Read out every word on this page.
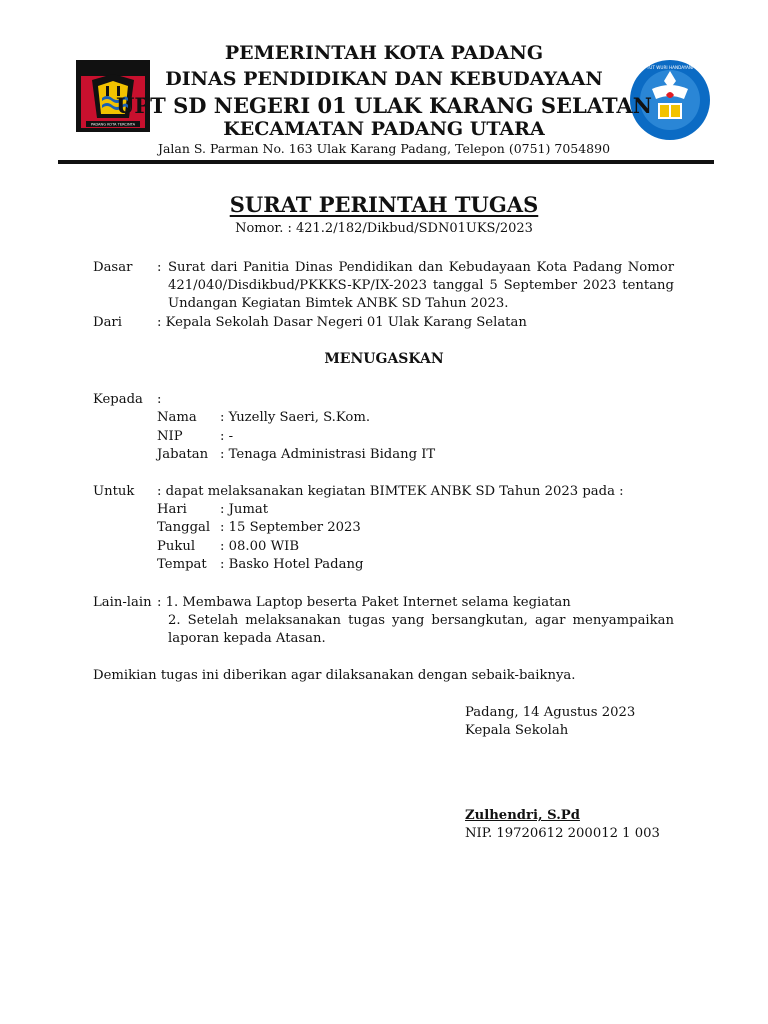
PADANG KOTA TERCINTA
TUT WURI HANDAYANI
PEMERINTAH KOTA PADANG
DINAS PENDIDIKAN DAN KEBUDAYAAN
UPT SD NEGERI 01 ULAK KARANG SELATAN
KECAMATAN PADANG UTARA
Jalan S. Parman No. 163 Ulak Karang Padang, Telepon (0751) 7054890
SURAT PERINTAH TUGAS
Nomor. : 421.2/182/Dikbud/SDN01UKS/2023
Dasar : Surat dari Panitia Dinas Pendidikan dan Kebudayaan Kota Padang Nomor 421/040/Disdikbud/PKKKS-KP/IX-2023 tanggal 5 September 2023 tentang Undangan Kegiatan Bimtek ANBK SD Tahun 2023.
Dari	: Kepala Sekolah Dasar Negeri 01 Ulak Karang Selatan
MENUGASKAN
Kepada :
Nama : Yuzelly Saeri, S.Kom.
NIP	: -
Jabatan : Tenaga Administrasi Bidang IT
Untuk : dapat melaksanakan kegiatan BIMTEK ANBK SD Tahun 2023 pada :
Hari	: Jumat
Tanggal : 15 September 2023
Pukul : 08.00 WIB
Tempat : Basko Hotel Padang
Lain-lain : 1. Membawa Laptop beserta Paket Internet selama kegiatan
2. Setelah melaksanakan tugas yang bersangkutan, agar menyampaikan laporan kepada Atasan.
Demikian tugas ini diberikan agar dilaksanakan dengan sebaik-baiknya.
Padang, 14 Agustus 2023
Kepala Sekolah
Zulhendri, S.Pd
NIP. 19720612 200012 1 003
